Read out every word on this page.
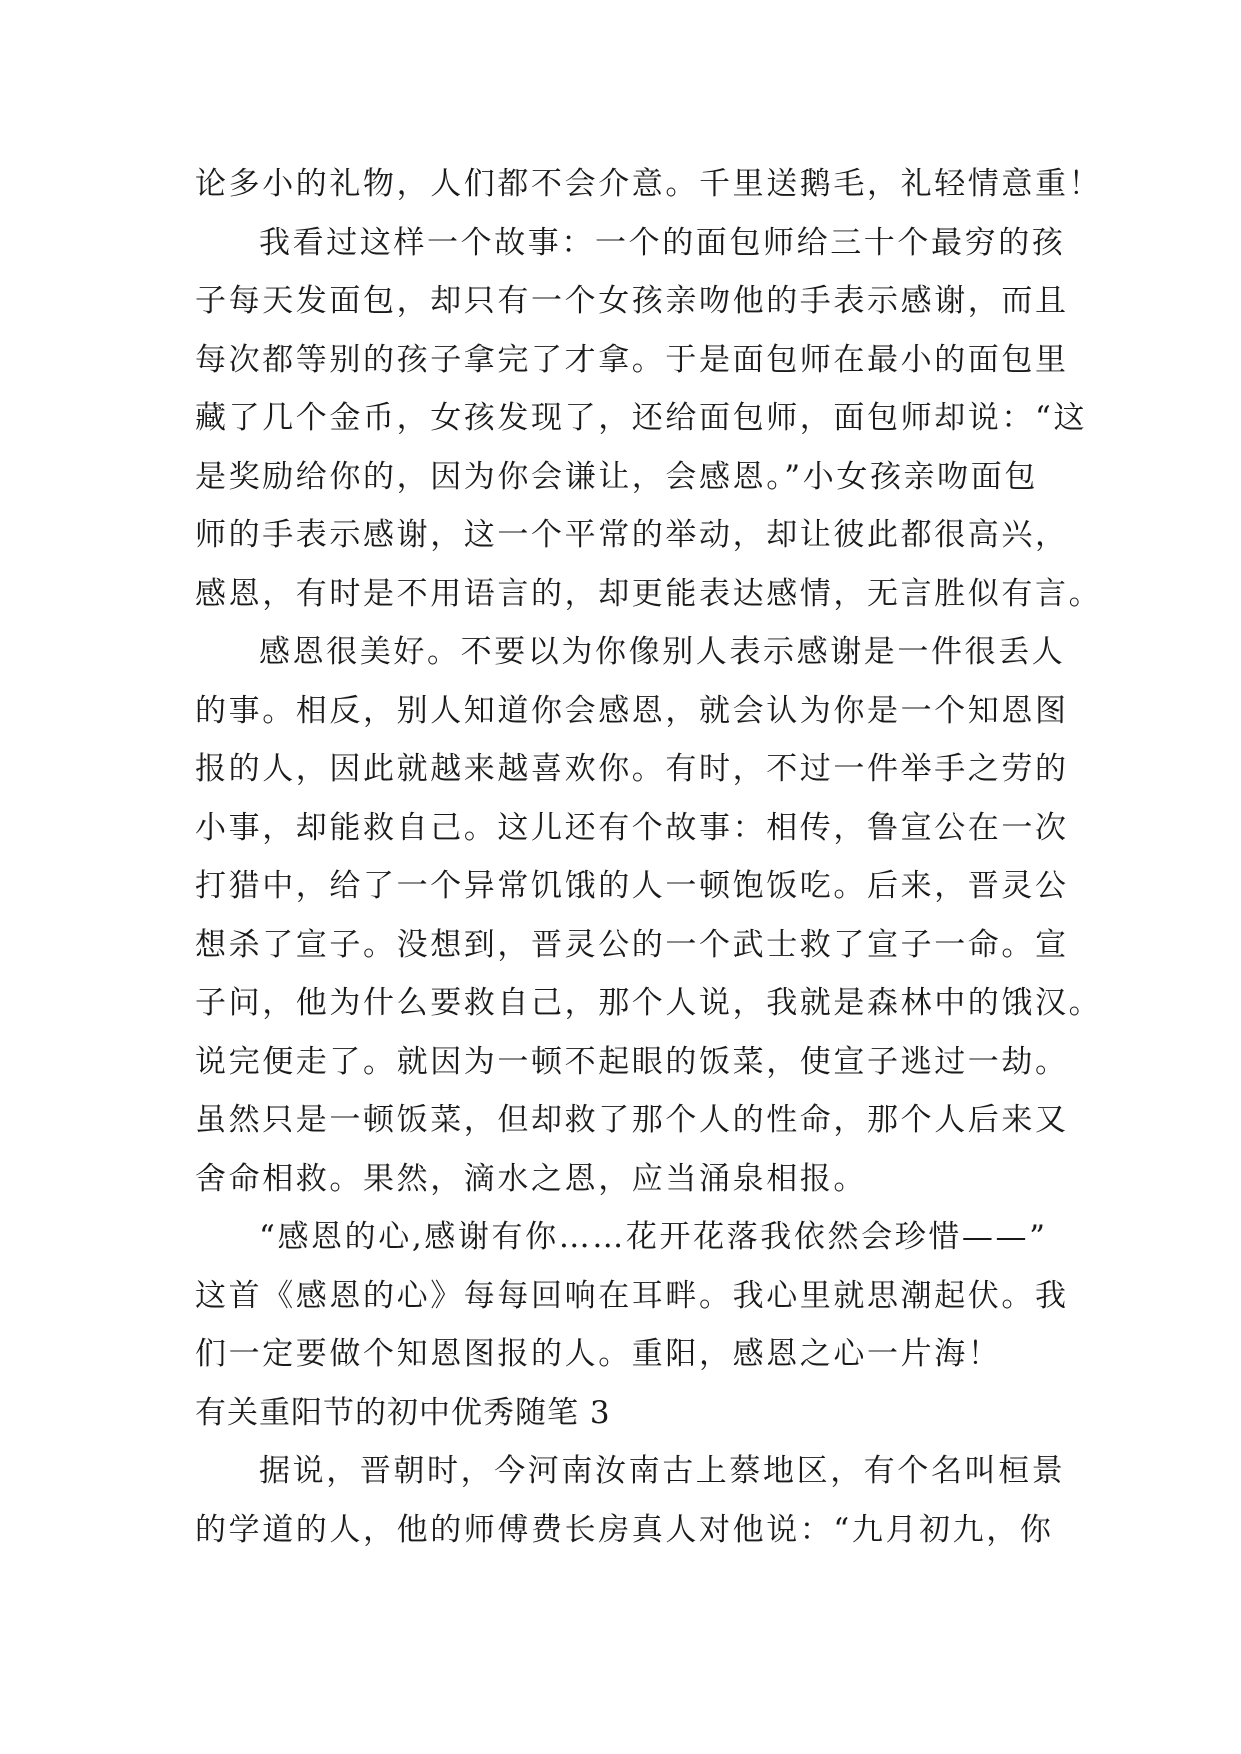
论多小的礼物，人们都不会介意。千里送鹅毛，礼轻情意重！
我看过这样一个故事：一个的面包师给三十个最穷的孩
子每天发面包，却只有一个女孩亲吻他的手表示感谢，而且
每次都等别的孩子拿完了才拿。于是面包师在最小的面包里
藏了几个金币，女孩发现了，还给面包师，面包师却说：“这
是奖励给你的，因为你会谦让，会感恩。”小女孩亲吻面包
师的手表示感谢，这一个平常的举动，却让彼此都很高兴，
感恩，有时是不用语言的，却更能表达感情，无言胜似有言。
感恩很美好。不要以为你像别人表示感谢是一件很丢人
的事。相反，别人知道你会感恩，就会认为你是一个知恩图
报的人，因此就越来越喜欢你。有时，不过一件举手之劳的
小事，却能救自己。这儿还有个故事：相传，鲁宣公在一次
打猎中，给了一个异常饥饿的人一顿饱饭吃。后来，晋灵公
想杀了宣子。没想到，晋灵公的一个武士救了宣子一命。宣
子问，他为什么要救自己，那个人说，我就是森林中的饿汉。
说完便走了。就因为一顿不起眼的饭菜，使宣子逃过一劫。
虽然只是一顿饭菜，但却救了那个人的性命，那个人后来又
舍命相救。果然，滴水之恩，应当涌泉相报。
“感恩的心,感谢有你……花开花落我依然会珍惜——”
这首《感恩的心》每每回响在耳畔。我心里就思潮起伏。我
们一定要做个知恩图报的人。重阳，感恩之心一片海！
有关重阳节的初中优秀随笔 3
据说，晋朝时，今河南汝南古上蔡地区，有个名叫桓景
的学道的人，他的师傅费长房真人对他说：“九月初九，你
